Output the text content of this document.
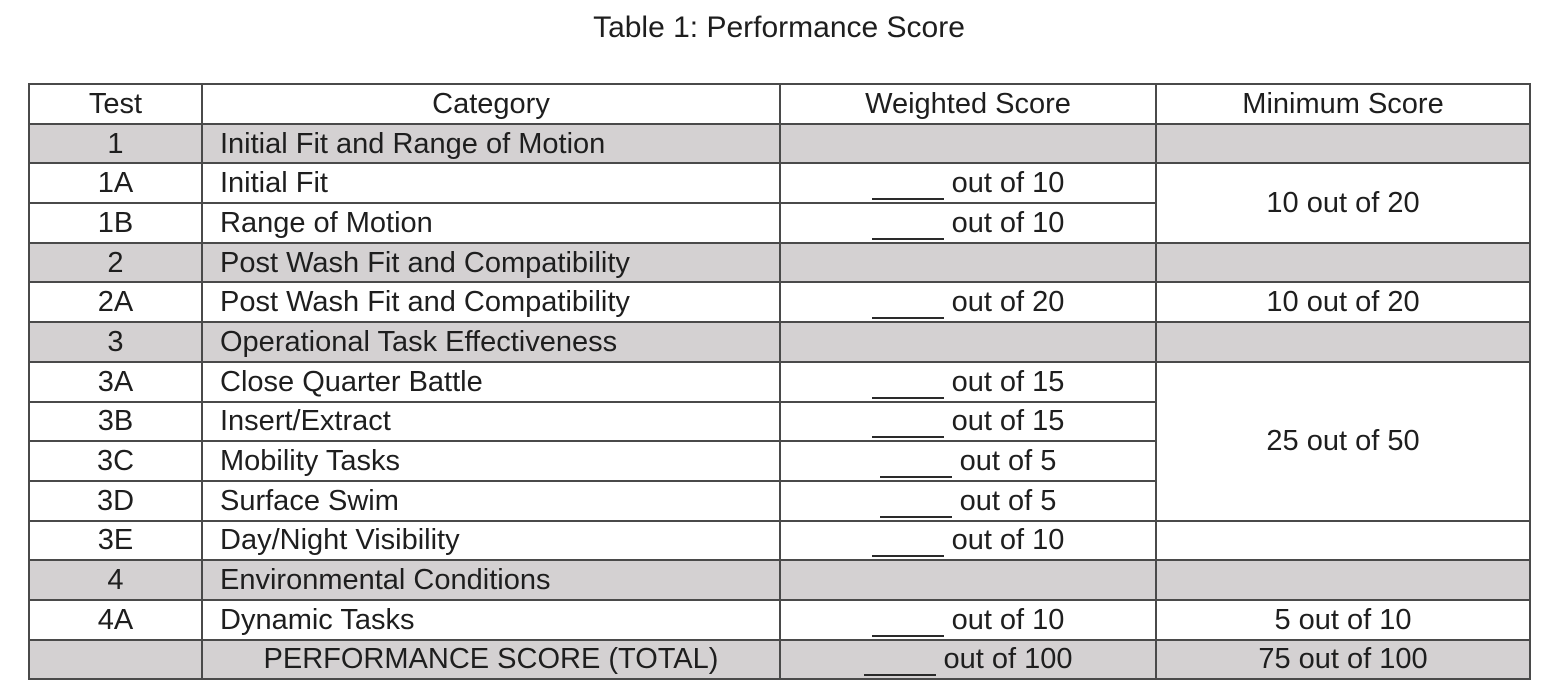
Table 1: Performance Score
Test	Category	Weighted Score	Minimum Score
1	Initial Fit and Range of Motion		
1A	Initial Fit	out of 10	10 out of 20
1B	Range of Motion	out of 10	

2	Post Wash Fit and Compatibility		
2A	Post Wash Fit and Compatibility	out of 20	10 out of 20
3	Operational Task Effectiveness		
3A	Close Quarter Battle	out of 15	25 out of 50
3B	Insert/Extract	out of 15	

3C	Mobility Tasks	out of 5	

3D	Surface Swim	out of 5	

3E	Day/Night Visibility	out of 10	

4	Environmental Conditions		
4A	Dynamic Tasks	out of 10	5 out of 10
	PERFORMANCE SCORE (TOTAL)	out of 100	75 out of 100
